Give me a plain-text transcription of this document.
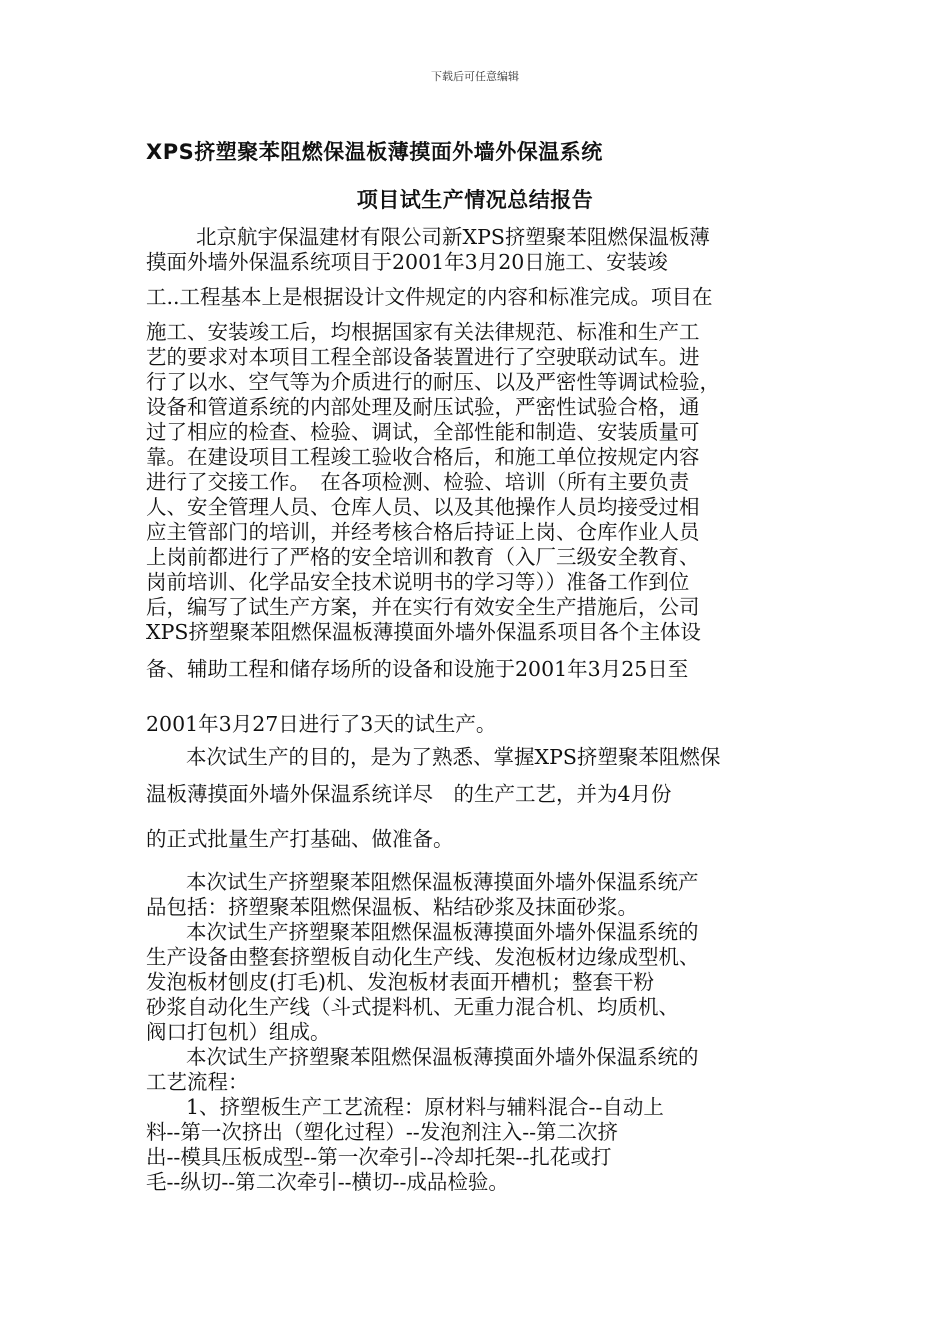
下载后可任意编辑
XPS挤塑聚苯阻燃保温板薄摸面外墙外保温系统
项目试生产情况总结报告
北京航宇保温建材有限公司新XPS挤塑聚苯阻燃保温板薄
摸面外墙外保温系统项目于2001年3月20日施工、安装竣
工..工程基本上是根据设计文件规定的内容和标准完成。项目在
施工、安装竣工后，均根据国家有关法律规范、标准和生产工
艺的要求对本项目工程全部设备装置进行了空驶联动试车。进
行了以水、空气等为介质进行的耐压、以及严密性等调试检验，
设备和管道系统的内部处理及耐压试验，严密性试验合格，通
过了相应的检查、检验、调试，全部性能和制造、安装质量可
靠。在建设项目工程竣工验收合格后，和施工单位按规定内容
进行了交接工作。　在各项检测、检验、培训（所有主要负责
人、安全管理人员、仓库人员、以及其他操作人员均接受过相
应主管部门的培训，并经考核合格后持证上岗、仓库作业人员
上岗前都进行了严格的安全培训和教育（入厂三级安全教育、
岗前培训、化学品安全技术说明书的学习等））准备工作到位
后，编写了试生产方案，并在实行有效安全生产措施后，公司
XPS挤塑聚苯阻燃保温板薄摸面外墙外保温系项目各个主体设
备、辅助工程和储存场所的设备和设施于2001年3月25日至
2001年3月27日进行了3天的试生产。
本次试生产的目的，是为了熟悉、掌握XPS挤塑聚苯阻燃保
温板薄摸面外墙外保温系统详尽　的生产工艺，并为4月份
的正式批量生产打基础、做准备。
本次试生产挤塑聚苯阻燃保温板薄摸面外墙外保温系统产
品包括：挤塑聚苯阻燃保温板、粘结砂浆及抹面砂浆。
本次试生产挤塑聚苯阻燃保温板薄摸面外墙外保温系统的
生产设备由整套挤塑板自动化生产线、发泡板材边缘成型机、
发泡板材刨皮(打毛)机、发泡板材表面开槽机；整套干粉
砂浆自动化生产线（斗式提料机、无重力混合机、均质机、
阀口打包机）组成。
本次试生产挤塑聚苯阻燃保温板薄摸面外墙外保温系统的
工艺流程：
1、挤塑板生产工艺流程：原材料与辅料混合--自动上
料--第一次挤出（塑化过程）--发泡剂注入--第二次挤
出--模具压板成型--第一次牵引--冷却托架--扎花或打
毛--纵切--第二次牵引--横切--成品检验。
